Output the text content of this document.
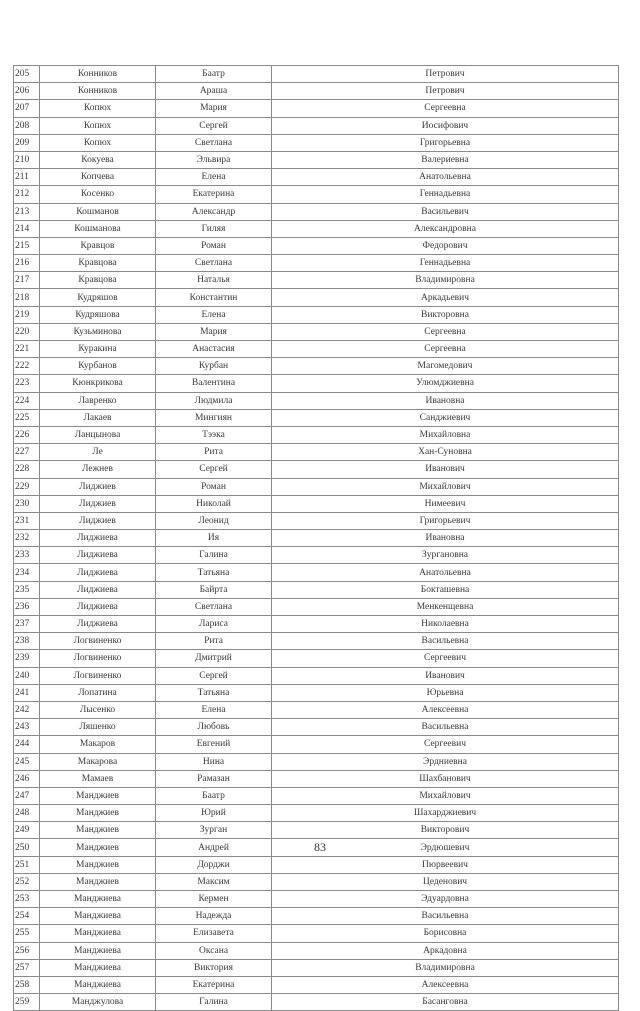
205	Конников	Баатр	Петрович
206	Конников	Араша	Петрович
207	Копюх	Мария	Сергеевна
208	Копюх	Сергей	Иосифович
209	Копюх	Светлана	Григорьевна
210	Кокуева	Эльвира	Валериевна
211	Копчева	Елена	Анатольевна
212	Косенко	Екатерина	Геннадьевна
213	Кошманов	Александр	Васильевич
214	Кошманова	Гиляя	Александровна
215	Кравцов	Роман	Федорович
216	Кравцова	Светлана	Геннадьевна
217	Кравцова	Наталья	Владимировна
218	Кудряшов	Константин	Аркадьевич
219	Кудряшова	Елена	Викторовна
220	Кузьминова	Мария	Сергеевна
221	Куракина	Анастасия	Сергеевна
222	Курбанов	Курбан	Магомедович
223	Кюнкрикова	Валентина	Улюмджиевна
224	Лавренко	Людмила	Ивановна
225	Лакаев	Мингиян	Санджиевич
226	Ланцынова	Тээка	Михайловна
227	Ле	Рита	Хан-Суновна
228	Лежнев	Сергей	Иванович
229	Лиджиев	Роман	Михайлович
230	Лиджиев	Николай	Нимеевич
231	Лиджиев	Леонид	Григорьевич
232	Лиджиева	Ия	Ивановна
233	Лиджиева	Галина	Зургановна
234	Лиджиева	Татьяна	Анатольевна
235	Лиджиева	Байрта	Бокташевна
236	Лиджиева	Светлана	Менкенщевна
237	Лиджиева	Лариса	Николаевна
238	Логвиненко	Рита	Васильевна
239	Логвиненко	Дмитрий	Сергеевич
240	Логвиненко	Сергей	Иванович
241	Лопатина	Татьяна	Юрьевна
242	Лысенко	Елена	Алексеевна
243	Ляшенко	Любовь	Васильевна
244	Макаров	Евгений	Сергеевич
245	Макарова	Нина	Эрдниевна
246	Мамаев	Рамазан	Шахбанович
247	Манджиев	Баатр	Михайлович
248	Манджиев	Юрий	Шахарджиевич
249	Манджиев	Зурган	Викторович
250	Манджиев	Андрей	Эрдюшевич
251	Манджиев	Дорджи	Пюрвеевич
252	Манджиев	Максим	Цеденович
253	Манджиева	Кермен	Эдуардовна
254	Манджиева	Надежда	Васильевна
255	Манджиева	Елизавета	Борисовна
256	Манджиева	Оксана	Аркадовна
257	Манджиева	Виктория	Владимировна
258	Манджиева	Екатерина	Алексеевна
259	Манджулова	Галина	Басанговна
83
